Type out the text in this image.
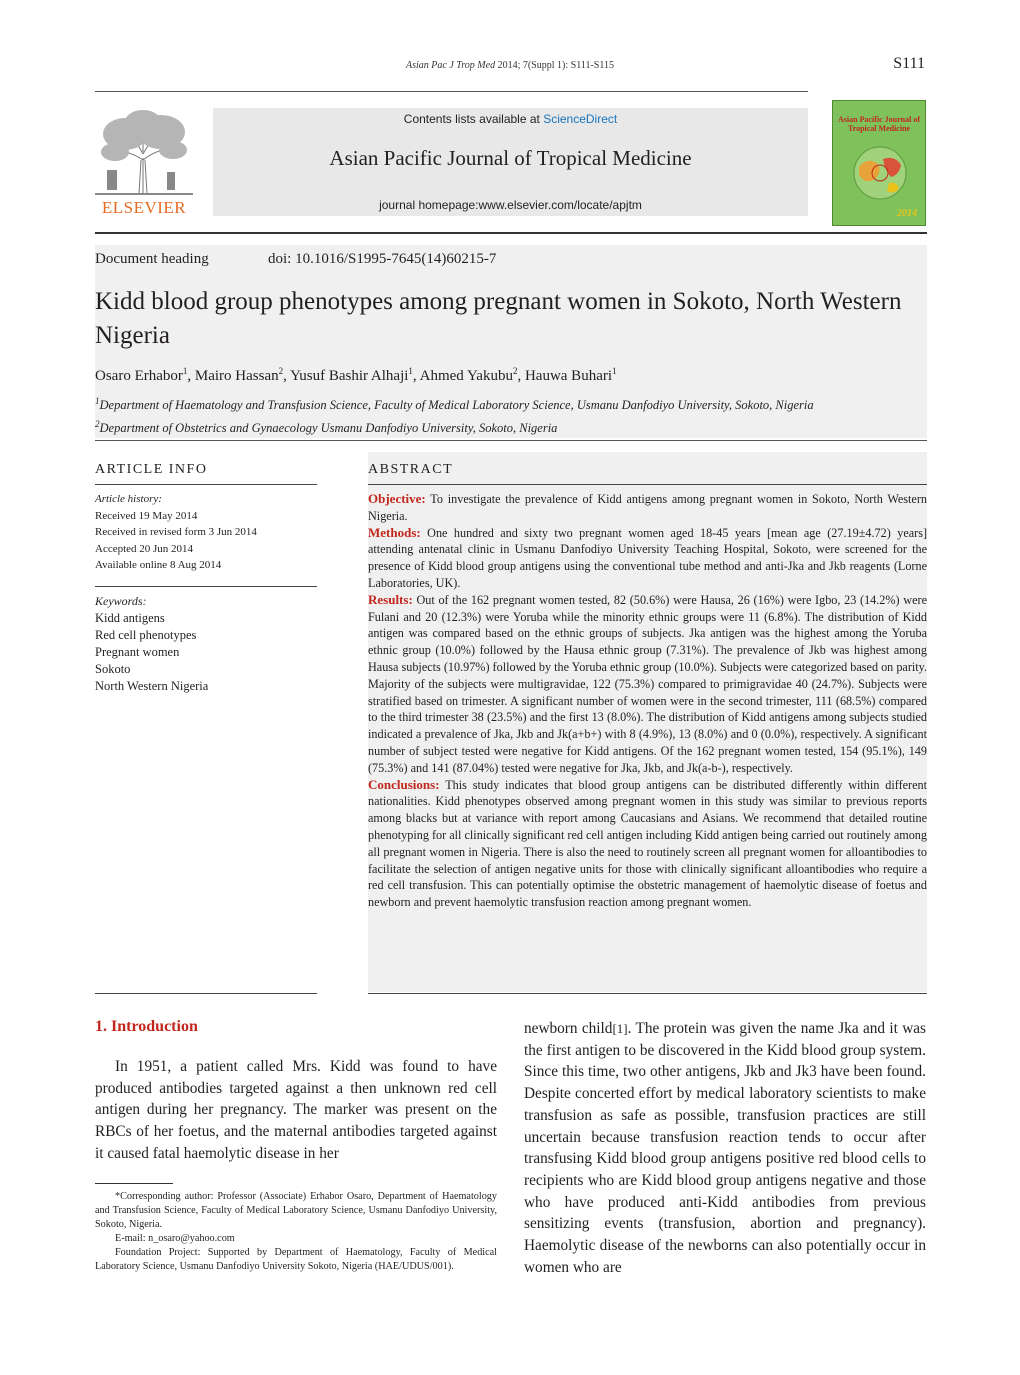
Asian Pac J Trop Med 2014; 7(Suppl 1): S111-S115	S111
ELSEVIER
Contents lists available at ScienceDirect
Asian Pacific Journal of Tropical Medicine
journal homepage:www.elsevier.com/locate/apjtm
Asian Pacific Journal of Tropical Medicine
2014
Document heading	doi: 10.1016/S1995-7645(14)60215-7
Kidd blood group phenotypes among pregnant women in Sokoto, North Western Nigeria
Osaro Erhabor$^1$, Mairo Hassan$^2$, Yusuf Bashir Alhaji$^1$, Ahmed Yakubu$^2$, Hauwa Buhari$^1$
$^1$Department of Haematology and Transfusion Science, Faculty of Medical Laboratory Science, Usmanu Danfodiyo University, Sokoto, Nigeria
$^2$Department of Obstetrics and Gynaecology Usmanu Danfodiyo University, Sokoto, Nigeria
ARTICLE INFO
Article history:
Received 19 May 2014
Received in revised form 3 Jun 2014
Accepted 20 Jun 2014
Available online 8 Aug 2014
Keywords:
Kidd antigens
Red cell phenotypes
Pregnant women
Sokoto
North Western Nigeria
ABSTRACT

Objective: To investigate the prevalence of Kidd antigens among pregnant women in Sokoto, North Western Nigeria.

Methods: One hundred and sixty two pregnant women aged 18-45 years [mean age (27.19±4.72) years] attending antenatal clinic in Usmanu Danfodiyo University Teaching Hospital, Sokoto, were screened for the presence of Kidd blood group antigens using the conventional tube method and anti-Jka and Jkb reagents (Lorne Laboratories, UK).

Results: Out of the 162 pregnant women tested, 82 (50.6%) were Hausa, 26 (16%) were Igbo, 23 (14.2%) were Fulani and 20 (12.3%) were Yoruba while the minority ethnic groups were 11 (6.8%). The distribution of Kidd antigen was compared based on the ethnic groups of subjects. Jka antigen was the highest among the Yoruba ethnic group (10.0%) followed by the Hausa ethnic group (7.31%). The prevalence of Jkb was highest among Hausa subjects (10.97%) followed by the Yoruba ethnic group (10.0%). Subjects were categorized based on parity. Majority of the subjects were multigravidae, 122 (75.3%) compared to primigravidae 40 (24.7%). Subjects were stratified based on trimester. A significant number of women were in the second trimester, 111 (68.5%) compared to the third trimester 38 (23.5%) and the first 13 (8.0%). The distribution of Kidd antigens among subjects studied indicated a prevalence of Jka, Jkb and Jk(a+b+) with 8 (4.9%), 13 (8.0%) and 0 (0.0%), respectively. A significant number of subject tested were negative for Kidd antigens. Of the 162 pregnant women tested, 154 (95.1%), 149 (75.3%) and 141 (87.04%) tested were negative for Jka, Jkb, and Jk(a-b-), respectively.

Conclusions: This study indicates that blood group antigens can be distributed differently within different nationalities. Kidd phenotypes observed among pregnant women in this study was similar to previous reports among blacks but at variance with report among Caucasians and Asians. We recommend that detailed routine phenotyping for all clinically significant red cell antigen including Kidd antigen being carried out routinely among all pregnant women in Nigeria. There is also the need to routinely screen all pregnant women for alloantibodies to facilitate the selection of antigen negative units for those with clinically significant alloantibodies who require a red cell transfusion. This can potentially optimise the obstetric management of haemolytic disease of foetus and newborn and prevent haemolytic transfusion reaction among pregnant women.

1. Introduction

In 1951, a patient called Mrs. Kidd was found to have produced antibodies targeted against a then unknown red cell antigen during her pregnancy. The marker was present on the RBCs of her foetus, and the maternal antibodies targeted against it caused fatal haemolytic disease in her

*Corresponding author: Professor (Associate) Erhabor Osaro, Department of Haematology and Transfusion Science, Faculty of Medical Laboratory Science, Usmanu Danfodiyo University, Sokoto, Nigeria.

E-mail: n_osaro@yahoo.com

Foundation Project: Supported by Department of Haematology, Faculty of Medical Laboratory Science, Usmanu Danfodiyo University Sokoto, Nigeria (HAE/UDUS/001).

newborn child[1]. The protein was given the name Jka and it was the first antigen to be discovered in the Kidd blood group system. Since this time, two other antigens, Jkb and Jk3 have been found. Despite concerted effort by medical laboratory scientists to make transfusion as safe as possible, transfusion practices are still uncertain because transfusion reaction tends to occur after transfusing Kidd blood group antigens positive red blood cells to recipients who are Kidd blood group antigens negative and those who have produced anti-Kidd antibodies from previous sensitizing events (transfusion, abortion and pregnancy). Haemolytic disease of the newborns can also potentially occur in women who are
